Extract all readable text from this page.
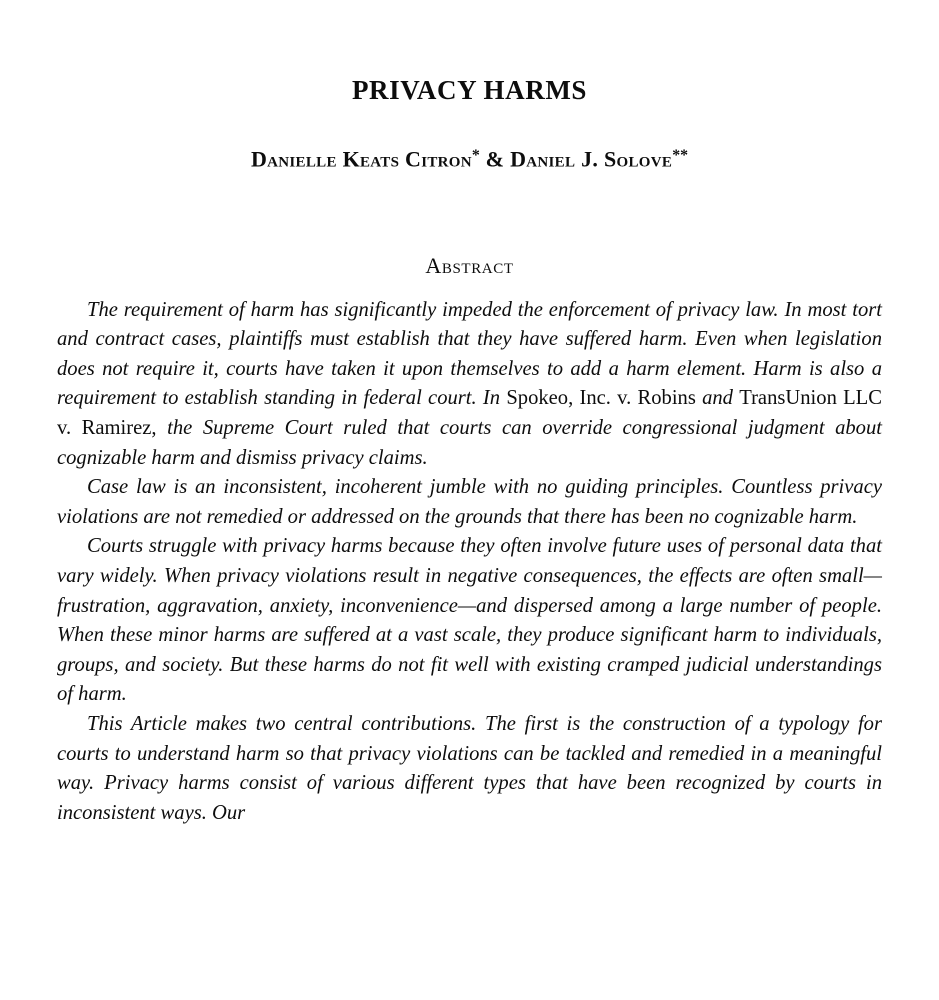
PRIVACY HARMS
Danielle Keats Citron* & Daniel J. Solove**
Abstract

The requirement of harm has significantly impeded the enforcement of privacy law. In most tort and contract cases, plaintiffs must establish that they have suffered harm. Even when legislation does not require it, courts have taken it upon themselves to add a harm element. Harm is also a requirement to establish standing in federal court. In Spokeo, Inc. v. Robins and TransUnion LLC v. Ramirez, the Supreme Court ruled that courts can override congressional judgment about cognizable harm and dismiss privacy claims.

Case law is an inconsistent, incoherent jumble with no guiding principles. Countless privacy violations are not remedied or addressed on the grounds that there has been no cognizable harm.

Courts struggle with privacy harms because they often involve future uses of personal data that vary widely. When privacy violations result in negative consequences, the effects are often small—frustration, aggravation, anxiety, inconvenience—and dispersed among a large number of people. When these minor harms are suffered at a vast scale, they produce significant harm to individuals, groups, and society. But these harms do not fit well with existing cramped judicial understandings of harm.

This Article makes two central contributions. The first is the construction of a typology for courts to understand harm so that privacy violations can be tackled and remedied in a meaningful way. Privacy harms consist of various different types that have been recognized by courts in inconsistent ways. Our
